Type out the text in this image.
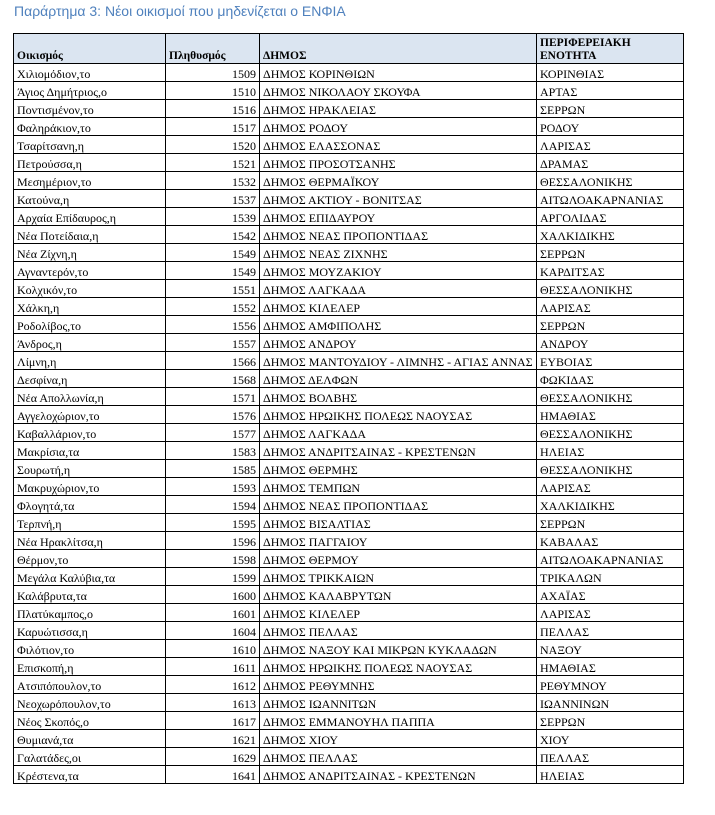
Παράρτημα 3: Νέοι οικισμοί που μηδενίζεται ο ΕΝΦΙΑ
Οικισμός	Πληθυσμός	ΔΗΜΟΣ	ΠΕΡΙΦΕΡΕΙΑΚΗ ΕΝΟΤΗΤΑ
Χιλιομόδιον,το	1509	ΔΗΜΟΣ ΚΟΡΙΝΘΙΩΝ	ΚΟΡΙΝΘΙΑΣ
Άγιος Δημήτριος,ο	1510	ΔΗΜΟΣ ΝΙΚΟΛΑΟΥ ΣΚΟΥΦΑ	ΑΡΤΑΣ
Ποντισμένον,το	1516	ΔΗΜΟΣ ΗΡΑΚΛΕΙΑΣ	ΣΕΡΡΩΝ
Φαληράκιον,το	1517	ΔΗΜΟΣ ΡΟΔΟΥ	ΡΟΔΟΥ
Τσαρίτσανη,η	1520	ΔΗΜΟΣ ΕΛΑΣΣΟΝΑΣ	ΛΑΡΙΣΑΣ
Πετρούσσα,η	1521	ΔΗΜΟΣ ΠΡΟΣΟΤΣΑΝΗΣ	ΔΡΑΜΑΣ
Μεσημέριον,το	1532	ΔΗΜΟΣ ΘΕΡΜΑΪΚΟΥ	ΘΕΣΣΑΛΟΝΙΚΗΣ
Κατούνα,η	1537	ΔΗΜΟΣ ΑΚΤΙΟΥ - ΒΟΝΙΤΣΑΣ	ΑΙΤΩΛΟΑΚΑΡΝΑΝΙΑΣ
Αρχαία Επίδαυρος,η	1539	ΔΗΜΟΣ ΕΠΙΔΑΥΡΟΥ	ΑΡΓΟΛΙΔΑΣ
Νέα Ποτείδαια,η	1542	ΔΗΜΟΣ ΝΕΑΣ ΠΡΟΠΟΝΤΙΔΑΣ	ΧΑΛΚΙΔΙΚΗΣ
Νέα Ζίχνη,η	1549	ΔΗΜΟΣ ΝΕΑΣ ΖΙΧΝΗΣ	ΣΕΡΡΩΝ
Αγναντερόν,το	1549	ΔΗΜΟΣ ΜΟΥΖΑΚΙΟΥ	ΚΑΡΔΙΤΣΑΣ
Κολχικόν,το	1551	ΔΗΜΟΣ ΛΑΓΚΑΔΑ	ΘΕΣΣΑΛΟΝΙΚΗΣ
Χάλκη,η	1552	ΔΗΜΟΣ ΚΙΛΕΛΕΡ	ΛΑΡΙΣΑΣ
Ροδολίβος,το	1556	ΔΗΜΟΣ ΑΜΦΙΠΟΛΗΣ	ΣΕΡΡΩΝ
Άνδρος,η	1557	ΔΗΜΟΣ ΑΝΔΡΟΥ	ΑΝΔΡΟΥ
Λίμνη,η	1566	ΔΗΜΟΣ ΜΑΝΤΟΥΔΙΟΥ - ΛΙΜΝΗΣ - ΑΓΙΑΣ ΑΝΝΑΣ	ΕΥΒΟΙΑΣ
Δεσφίνα,η	1568	ΔΗΜΟΣ ΔΕΛΦΩΝ	ΦΩΚΙΔΑΣ
Νέα Απολλωνία,η	1571	ΔΗΜΟΣ ΒΟΛΒΗΣ	ΘΕΣΣΑΛΟΝΙΚΗΣ
Αγγελοχώριον,το	1576	ΔΗΜΟΣ ΗΡΩΙΚΗΣ ΠΟΛΕΩΣ ΝΑΟΥΣΑΣ	ΗΜΑΘΙΑΣ
Καβαλλάριον,το	1577	ΔΗΜΟΣ ΛΑΓΚΑΔΑ	ΘΕΣΣΑΛΟΝΙΚΗΣ
Μακρίσια,τα	1583	ΔΗΜΟΣ ΑΝΔΡΙΤΣΑΙΝΑΣ - ΚΡΕΣΤΕΝΩΝ	ΗΛΕΙΑΣ
Σουρωτή,η	1585	ΔΗΜΟΣ ΘΕΡΜΗΣ	ΘΕΣΣΑΛΟΝΙΚΗΣ
Μακρυχώριον,το	1593	ΔΗΜΟΣ ΤΕΜΠΩΝ	ΛΑΡΙΣΑΣ
Φλογητά,τα	1594	ΔΗΜΟΣ ΝΕΑΣ ΠΡΟΠΟΝΤΙΔΑΣ	ΧΑΛΚΙΔΙΚΗΣ
Τερπνή,η	1595	ΔΗΜΟΣ ΒΙΣΑΛΤΙΑΣ	ΣΕΡΡΩΝ
Νέα Ηρακλίτσα,η	1596	ΔΗΜΟΣ ΠΑΓΓΑΙΟΥ	ΚΑΒΑΛΑΣ
Θέρμον,το	1598	ΔΗΜΟΣ ΘΕΡΜΟΥ	ΑΙΤΩΛΟΑΚΑΡΝΑΝΙΑΣ
Μεγάλα Καλύβια,τα	1599	ΔΗΜΟΣ ΤΡΙΚΚΑΙΩΝ	ΤΡΙΚΑΛΩΝ
Καλάβρυτα,τα	1600	ΔΗΜΟΣ ΚΑΛΑΒΡΥΤΩΝ	ΑΧΑΪΑΣ
Πλατύκαμπος,ο	1601	ΔΗΜΟΣ ΚΙΛΕΛΕΡ	ΛΑΡΙΣΑΣ
Καρυώτισσα,η	1604	ΔΗΜΟΣ ΠΕΛΛΑΣ	ΠΕΛΛΑΣ
Φιλότιον,το	1610	ΔΗΜΟΣ ΝΑΞΟΥ ΚΑΙ ΜΙΚΡΩΝ ΚΥΚΛΑΔΩΝ	ΝΑΞΟΥ
Επισκοπή,η	1611	ΔΗΜΟΣ ΗΡΩΙΚΗΣ ΠΟΛΕΩΣ ΝΑΟΥΣΑΣ	ΗΜΑΘΙΑΣ
Ατσιπόπουλον,το	1612	ΔΗΜΟΣ ΡΕΘΥΜΝΗΣ	ΡΕΘΥΜΝΟΥ
Νεοχωρόπουλον,το	1613	ΔΗΜΟΣ ΙΩΑΝΝΙΤΩΝ	ΙΩΑΝΝΙΝΩΝ
Νέος Σκοπός,ο	1617	ΔΗΜΟΣ ΕΜΜΑΝΟΥΗΛ ΠΑΠΠΑ	ΣΕΡΡΩΝ
Θυμιανά,τα	1621	ΔΗΜΟΣ ΧΙΟΥ	ΧΙΟΥ
Γαλατάδες,οι	1629	ΔΗΜΟΣ ΠΕΛΛΑΣ	ΠΕΛΛΑΣ
Κρέστενα,τα	1641	ΔΗΜΟΣ ΑΝΔΡΙΤΣΑΙΝΑΣ - ΚΡΕΣΤΕΝΩΝ	ΗΛΕΙΑΣ
